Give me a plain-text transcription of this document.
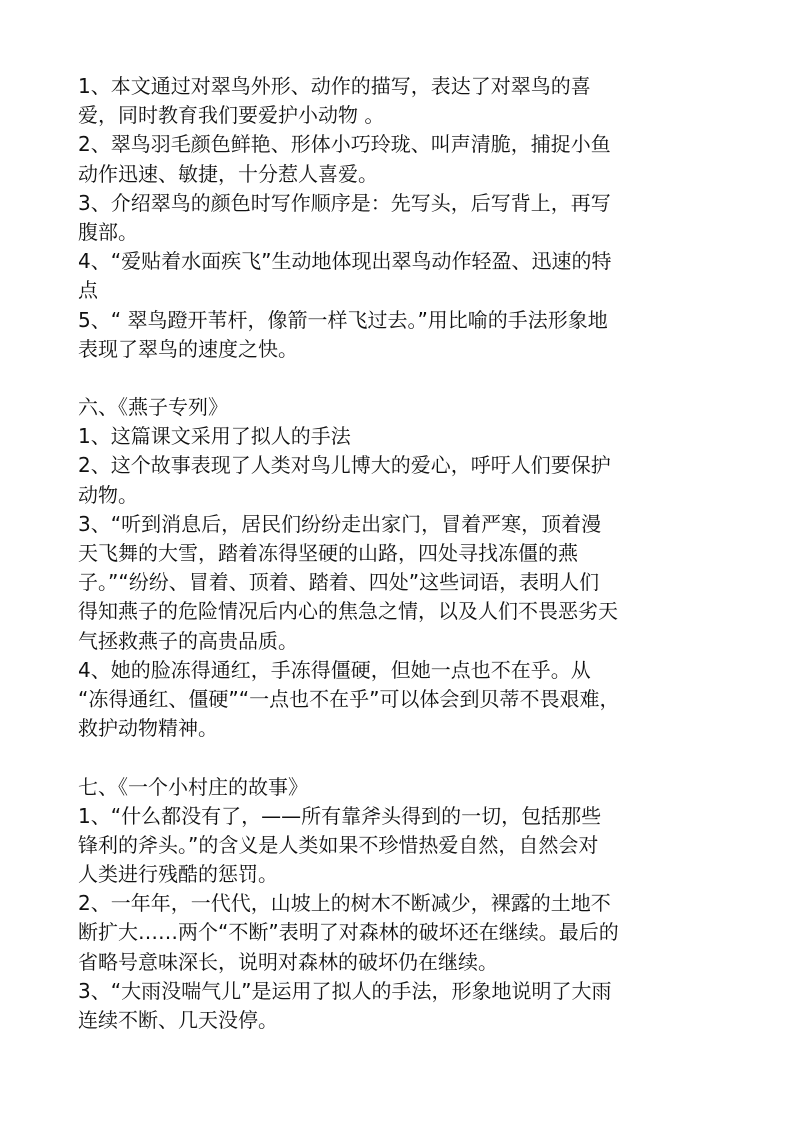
1、本文通过对翠鸟外形、动作的描写，表达了对翠鸟的喜
爱，同时教育我们要爱护小动物 。
2、翠鸟羽毛颜色鲜艳、形体小巧玲珑、叫声清脆，捕捉小鱼
动作迅速、敏捷，十分惹人喜爱。
3、介绍翠鸟的颜色时写作顺序是：先写头，后写背上，再写
腹部。
4、“爱贴着水面疾飞”生动地体现出翠鸟动作轻盈、迅速的特
点
5、“ 翠鸟蹬开苇杆，像箭一样飞过去。”用比喻的手法形象地
表现了翠鸟的速度之快。
六、《燕子专列》
1、这篇课文采用了拟人的手法
2、这个故事表现了人类对鸟儿博大的爱心，呼吁人们要保护
动物。
3、“听到消息后，居民们纷纷走出家门，冒着严寒，顶着漫
天飞舞的大雪，踏着冻得坚硬的山路，四处寻找冻僵的燕
子。”“纷纷、冒着、顶着、踏着、四处”这些词语，表明人们
得知燕子的危险情况后内心的焦急之情，以及人们不畏恶劣天
气拯救燕子的高贵品质。
4、她的脸冻得通红，手冻得僵硬，但她一点也不在乎。从
“冻得通红、僵硬”“一点也不在乎”可以体会到贝蒂不畏艰难，
救护动物精神。
七、《一个小村庄的故事》
1、“什么都没有了，——所有靠斧头得到的一切，包括那些
锋利的斧头。”的含义是人类如果不珍惜热爱自然，自然会对
人类进行残酷的惩罚。
2、一年年，一代代，山坡上的树木不断减少，裸露的土地不
断扩大……两个“不断”表明了对森林的破坏还在继续。最后的
省略号意味深长，说明对森林的破坏仍在继续。
3、“大雨没喘气儿”是运用了拟人的手法，形象地说明了大雨
连续不断、几天没停。
